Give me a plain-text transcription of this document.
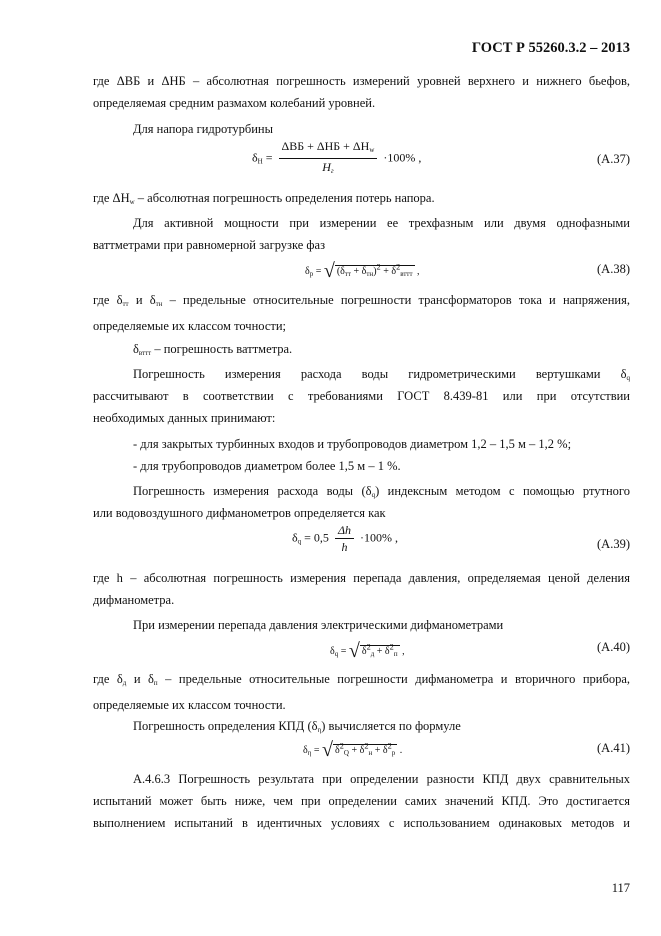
ГОСТ Р 55260.3.2 – 2013
где ΔВБ и ΔНБ – абсолютная погрешность измерений уровней верхнего и нижнего бьефов,
определяемая средним размахом колебаний уровней.
Для напора гидротурбины
$\delta_H = \frac{\Delta ВБ + \Delta НБ + \Delta H_w}{H_г} \cdot 100\%$ ,	(А.37)
где $\Delta H_w$ – абсолютная погрешность определения потерь напора.
Для активной мощности при измерении ее трехфазным или двумя однофазными
ваттметрами при равномерной загрузке фаз
$\delta_р$ = √ $(\delta_{тт} + \delta_{тн})^2 + \delta^2_{вттт}$ ,	(А.38)
где $\delta_{тт}$ и $\delta_{тн}$ – предельные относительные погрешности трансформаторов тока и напряжения,
определяемые их классом точности;
$\delta_{вттт}$ – погрешность ваттметра.
Погрешность измерения расхода воды гидрометрическими вертушками $\delta_q$
рассчитывают в соответствии с требованиями ГОСТ 8.439-81 или при отсутствии
необходимых данных принимают:
- для закрытых турбинных входов и трубопроводов диаметром 1,2 – 1,5 м – 1,2 %;
- для трубопроводов диаметром более 1,5 м – 1 %.
Погрешность измерения расхода воды $(\delta_q)$ индексным методом с помощью ртутного
или водовоздушного дифманометров определяется как
$\delta_q = 0,5 \frac{\Delta h}{h} \cdot 100\%$ ,	(А.39)
где h – абсолютная погрешность измерения перепада давления, определяемая ценой деления
дифманометра.
При измерении перепада давления электрическими дифманометрами
$\delta_q$ = √ $\delta^2_д + \delta^2_п$ ,	(А.40)
где $\delta_д$ и $\delta_п$ – предельные относительные погрешности дифманометра и вторичного прибора,
определяемые их классом точности.
Погрешность определения КПД $(\delta_\eta)$ вычисляется по формуле
$\delta_\eta$ = √ $\delta^2_Q + \delta^2_н + \delta^2_р$ .	(А.41)
А.4.6.3 Погрешность результата при определении разности КПД двух сравнительных
испытаний может быть ниже, чем при определении самих значений КПД. Это достигается
выполнением испытаний в идентичных условиях с использованием одинаковых методов и
117
